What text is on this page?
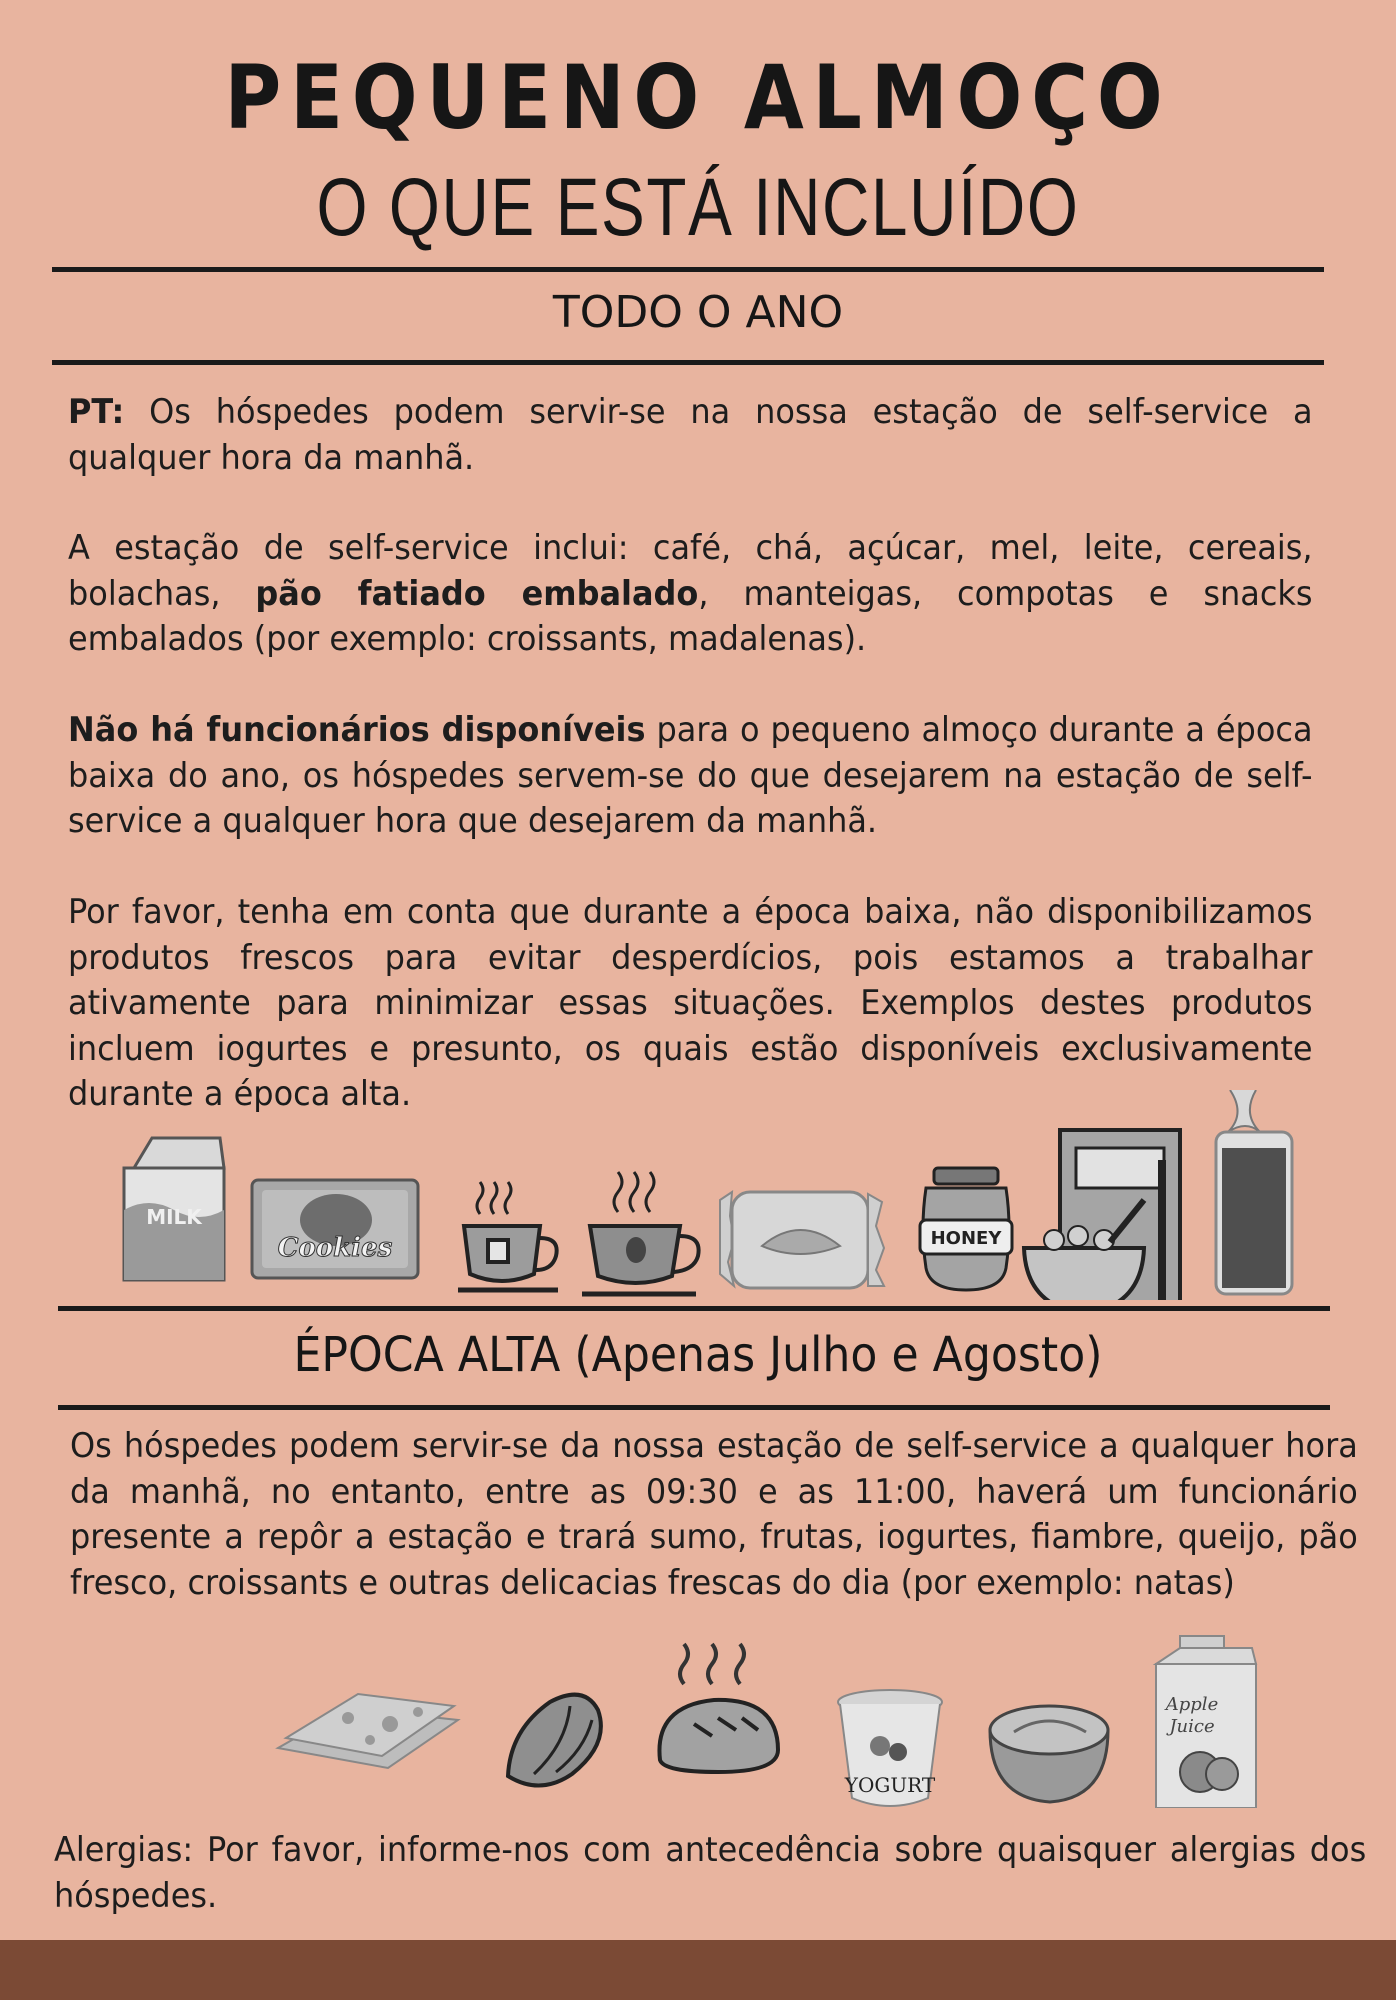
PEQUENO ALMOÇO
O QUE ESTÁ INCLUÍDO
TODO O ANO
PT: Os hóspedes podem servir-se na nossa estação de self-service a qualquer hora da manhã.
A estação de self-service inclui: café, chá, açúcar, mel, leite, cereais, bolachas, pão fatiado embalado, manteigas, compotas e snacks embalados (por exemplo: croissants, madalenas).
Não há funcionários disponíveis para o pequeno almoço durante a época baixa do ano, os hóspedes servem-se do que desejarem na estação de self-service a qualquer hora que desejarem da manhã.
Por favor, tenha em conta que durante a época baixa, não disponibilizamos produtos frescos para evitar desperdícios, pois estamos a trabalhar ativamente para minimizar essas situações. Exemplos destes produtos incluem iogurtes e presunto, os quais estão disponíveis exclusivamente durante a época alta.
MILK
Cookies	HONEY
ÉPOCA ALTA (Apenas Julho e Agosto)
Os hóspedes podem servir-se da nossa estação de self-service a qualquer hora da manhã, no entanto, entre as 09:30 e as 11:00, haverá um funcionário presente a repôr a estação e trará sumo, frutas, iogurtes, fiambre, queijo, pão fresco, croissants e outras delicacias frescas do dia (por exemplo: natas)
YOGURT
Apple
Juice
Alergias: Por favor, informe-nos com antecedência sobre quaisquer alergias dos hóspedes.
